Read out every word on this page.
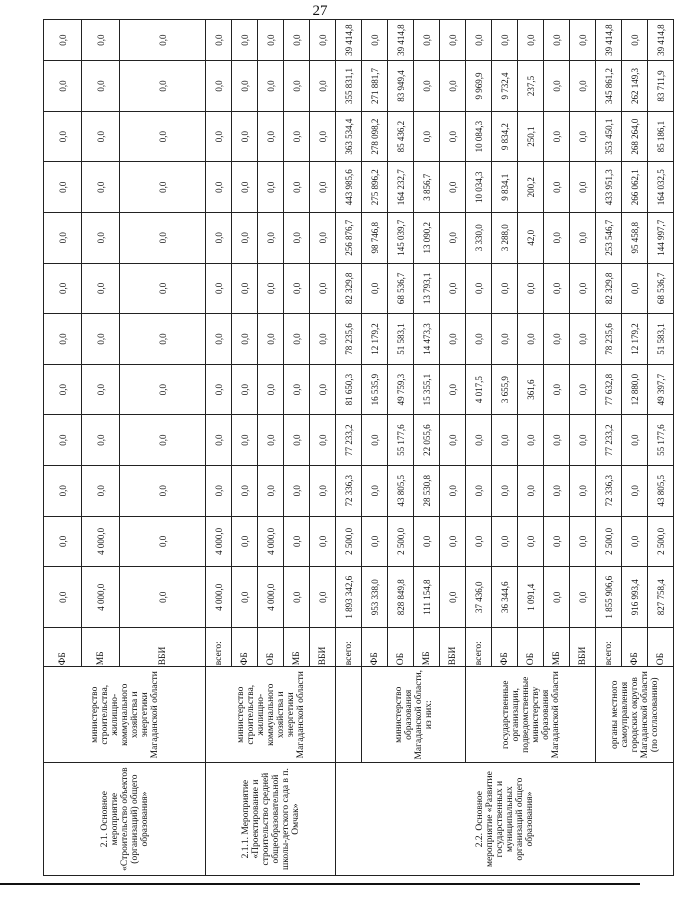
27
2.1. Основное мероприятие «Строительство объектов (организаций) общего образования»	министерство строительства, жилищно-коммунального хозяйства и энергетики Магаданской области	ФБ	0,0	0,0	0,0	0,0	0,0	0,0	0,0	0,0	0,0	0,0	0,0	0,0
		МБ	4 000,0	4 000,0	0,0	0,0	0,0	0,0	0,0	0,0	0,0	0,0	0,0	0,0
		ВБИ	0,0	0,0	0,0	0,0	0,0	0,0	0,0	0,0	0,0	0,0	0,0	0,0
2.1.1. Мероприятие «Проектирование и строительство средней общеобразовательной школы-детского сада в п. Омчак»	министерство строительства, жилищно-коммунального хозяйства и энергетики Магаданской области	всего:	4 000,0	4 000,0	0,0	0,0	0,0	0,0	0,0	0,0	0,0	0,0	0,0	0,0
		ФБ	0,0	0,0	0,0	0,0	0,0	0,0	0,0	0,0	0,0	0,0	0,0	0,0
		ОБ	4 000,0	4 000,0	0,0	0,0	0,0	0,0	0,0	0,0	0,0	0,0	0,0	0,0
		МБ	0,0	0,0	0,0	0,0	0,0	0,0	0,0	0,0	0,0	0,0	0,0	0,0
		ВБИ	0,0	0,0	0,0	0,0	0,0	0,0	0,0	0,0	0,0	0,0	0,0	0,0
2.2. Основное мероприятие «Развитие государственных и муниципальных организаций общего образования»		всего:	1 893 342,6	2 500,0	72 336,3	77 233,2	81 650,3	78 235,6	82 329,8	256 876,7	443 985,6	363 534,4	355 831,1	39 414,8
	министерство образования Магаданской области, из них:	ФБ	953 338,0	0,0	0,0	0,0	16 535,9	12 179,2	0,0	98 746,8	275 896,2	278 098,2	271 881,7	0,0
		ОБ	828 849,8	2 500,0	43 805,5	55 177,6	49 759,3	51 583,1	68 536,7	145 039,7	164 232,7	85 436,2	83 949,4	39 414,8
		МБ	111 154,8	0,0	28 530,8	22 055,6	15 355,1	14 473,3	13 793,1	13 090,2	3 856,7	0,0	0,0	0,0
		ВБИ	0,0	0,0	0,0	0,0	0,0	0,0	0,0	0,0	0,0	0,0	0,0	0,0
	государственные организации, подведомственные министерству образования Магаданской области	всего:	37 436,0	0,0	0,0	0,0	4 017,5	0,0	0,0	3 330,0	10 034,3	10 084,3	9 969,9	0,0
		ФБ	36 344,6	0,0	0,0	0,0	3 655,9	0,0	0,0	3 288,0	9 834,1	9 834,2	9 732,4	0,0
		ОБ	1 091,4	0,0	0,0	0,0	361,6	0,0	0,0	42,0	200,2	250,1	237,5	0,0
		МБ	0,0	0,0	0,0	0,0	0,0	0,0	0,0	0,0	0,0	0,0	0,0	0,0
		ВБИ	0,0	0,0	0,0	0,0	0,0	0,0	0,0	0,0	0,0	0,0	0,0	0,0
	органы местного самоуправления городских округов Магаданской области (по согласованию)	всего:	1 855 906,6	2 500,0	72 336,3	77 233,2	77 632,8	78 235,6	82 329,8	253 546,7	433 951,3	353 450,1	345 861,2	39 414,8
		ФБ	916 993,4	0,0	0,0	0,0	12 880,0	12 179,2	0,0	95 458,8	266 062,1	268 264,0	262 149,3	0,0
		ОБ	827 758,4	2 500,0	43 805,5	55 177,6	49 397,7	51 583,1	68 536,7	144 997,7	164 032,5	85 186,1	83 711,9	39 414,8
